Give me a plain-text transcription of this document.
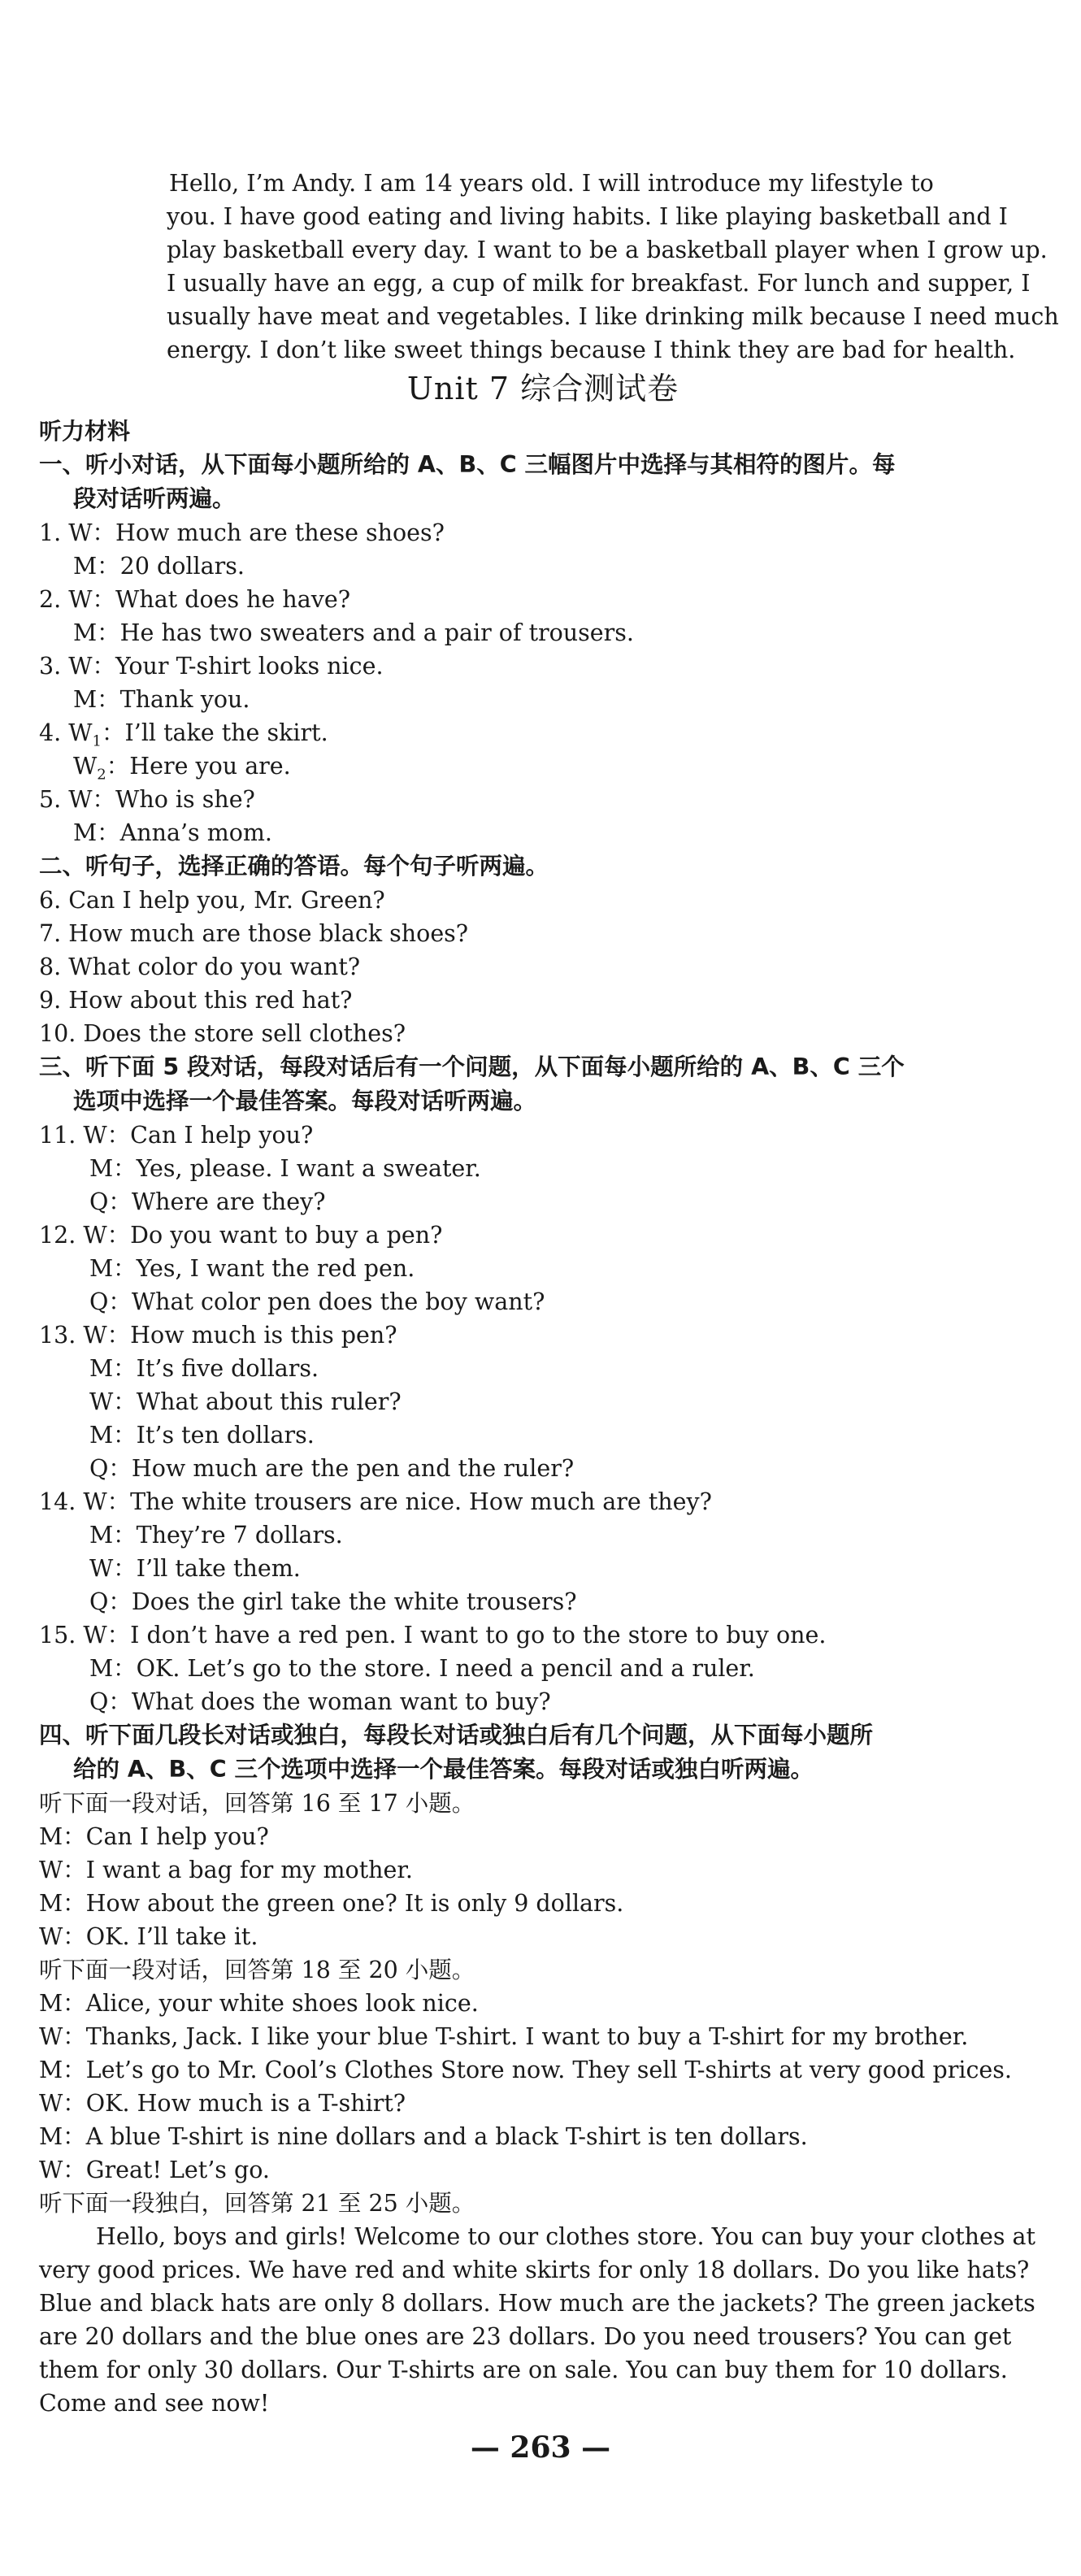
Hello, I’m Andy. I am 14 years old. I will introduce my lifestyle to
you. I have good eating and living habits. I like playing basketball and I
play basketball every day. I want to be a basketball player when I grow up.
I usually have an egg, a cup of milk for breakfast. For lunch and supper, I
usually have meat and vegetables. I like drinking milk because I need much
energy. I don’t like sweet things because I think they are bad for health.
Unit 7 综合测试卷
听力材料
一、听小对话，从下面每小题所给的 A、B、C 三幅图片中选择与其相符的图片。每
段对话听两遍。
1. W：How much are these shoes?
M：20 dollars.
2. W：What does he have?
M：He has two sweaters and a pair of trousers.
3. W：Your T-shirt looks nice.
M：Thank you.
4. $W_1$：I’ll take the skirt.
$W_2$：Here you are.
5. W：Who is she?
M：Anna’s mom.
二、听句子，选择正确的答语。每个句子听两遍。
6. Can I help you, Mr. Green?
7. How much are those black shoes?
8. What color do you want?
9. How about this red hat?
10. Does the store sell clothes?
三、听下面 5 段对话，每段对话后有一个问题，从下面每小题所给的 A、B、C 三个
选项中选择一个最佳答案。每段对话听两遍。
11. W：Can I help you?
M：Yes, please. I want a sweater.
Q：Where are they?
12. W：Do you want to buy a pen?
M：Yes, I want the red pen.
Q：What color pen does the boy want?
13. W：How much is this pen?
M：It’s five dollars.
W：What about this ruler?
M：It’s ten dollars.
Q：How much are the pen and the ruler?
14. W：The white trousers are nice. How much are they?
M：They’re 7 dollars.
W：I’ll take them.
Q：Does the girl take the white trousers?
15. W：I don’t have a red pen. I want to go to the store to buy one.
M：OK. Let’s go to the store. I need a pencil and a ruler.
Q：What does the woman want to buy?
四、听下面几段长对话或独白，每段长对话或独白后有几个问题，从下面每小题所
给的 A、B、C 三个选项中选择一个最佳答案。每段对话或独白听两遍。
听下面一段对话，回答第 16 至 17 小题。
M：Can I help you?
W：I want a bag for my mother.
M：How about the green one? It is only 9 dollars.
W：OK. I’ll take it.
听下面一段对话，回答第 18 至 20 小题。
M：Alice, your white shoes look nice.
W：Thanks, Jack. I like your blue T-shirt. I want to buy a T-shirt for my brother.
M：Let’s go to Mr. Cool’s Clothes Store now. They sell T-shirts at very good prices.
W：OK. How much is a T-shirt?
M：A blue T-shirt is nine dollars and a black T-shirt is ten dollars.
W：Great! Let’s go.
听下面一段独白，回答第 21 至 25 小题。
Hello, boys and girls! Welcome to our clothes store. You can buy your clothes at
very good prices. We have red and white skirts for only 18 dollars. Do you like hats?
Blue and black hats are only 8 dollars. How much are the jackets? The green jackets
are 20 dollars and the blue ones are 23 dollars. Do you need trousers? You can get
them for only 30 dollars. Our T-shirts are on sale. You can buy them for 10 dollars.
Come and see now!
— 263 —
